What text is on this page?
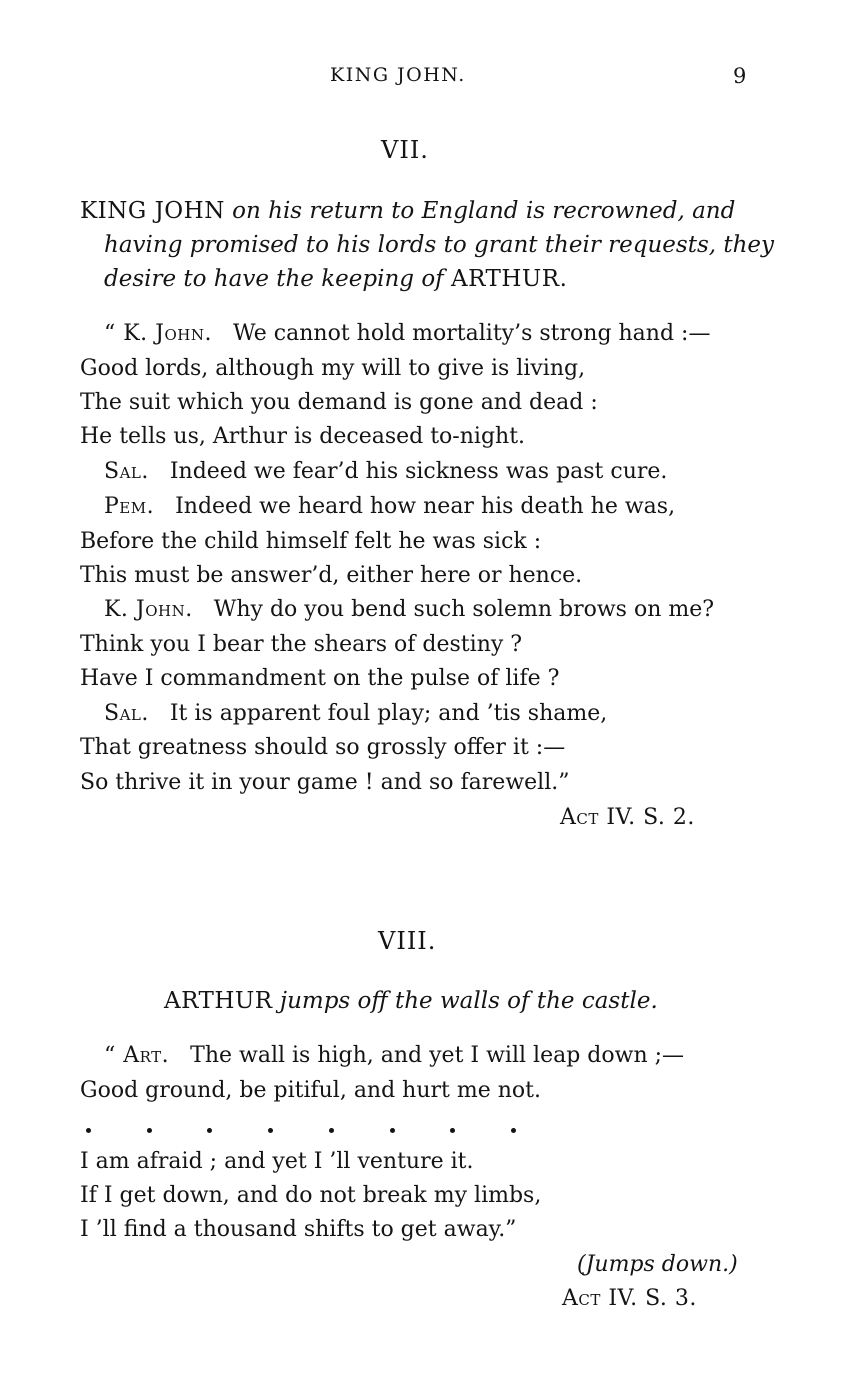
KING JOHN.	9
VII.
KING JOHN on his return to England is recrowned, and
having promised to his lords to grant their requests, they
desire to have the keeping of ARTHUR.
“ K. John. We cannot hold mortality’s strong hand :—
Good lords, although my will to give is living,
The suit which you demand is gone and dead :
He tells us, Arthur is deceased to-night.
Sal. Indeed we fear’d his sickness was past cure.
Pem. Indeed we heard how near his death he was,
Before the child himself felt he was sick :
This must be answer’d, either here or hence.
K. John. Why do you bend such solemn brows on me?
Think you I bear the shears of destiny ?
Have I commandment on the pulse of life ?
Sal. It is apparent foul play; and ’tis shame,
That greatness should so grossly offer it :—
So thrive it in your game ! and so farewell.”
Act IV. S. 2.
VIII.
ARTHUR jumps off the walls of the castle.
“ Art. The wall is high, and yet I will leap down ;—
Good ground, be pitiful, and hurt me not.
I am afraid ; and yet I ’ll venture it.
If I get down, and do not break my limbs,
I ’ll find a thousand shifts to get away.”
(Jumps down.)
Act IV. S. 3.
